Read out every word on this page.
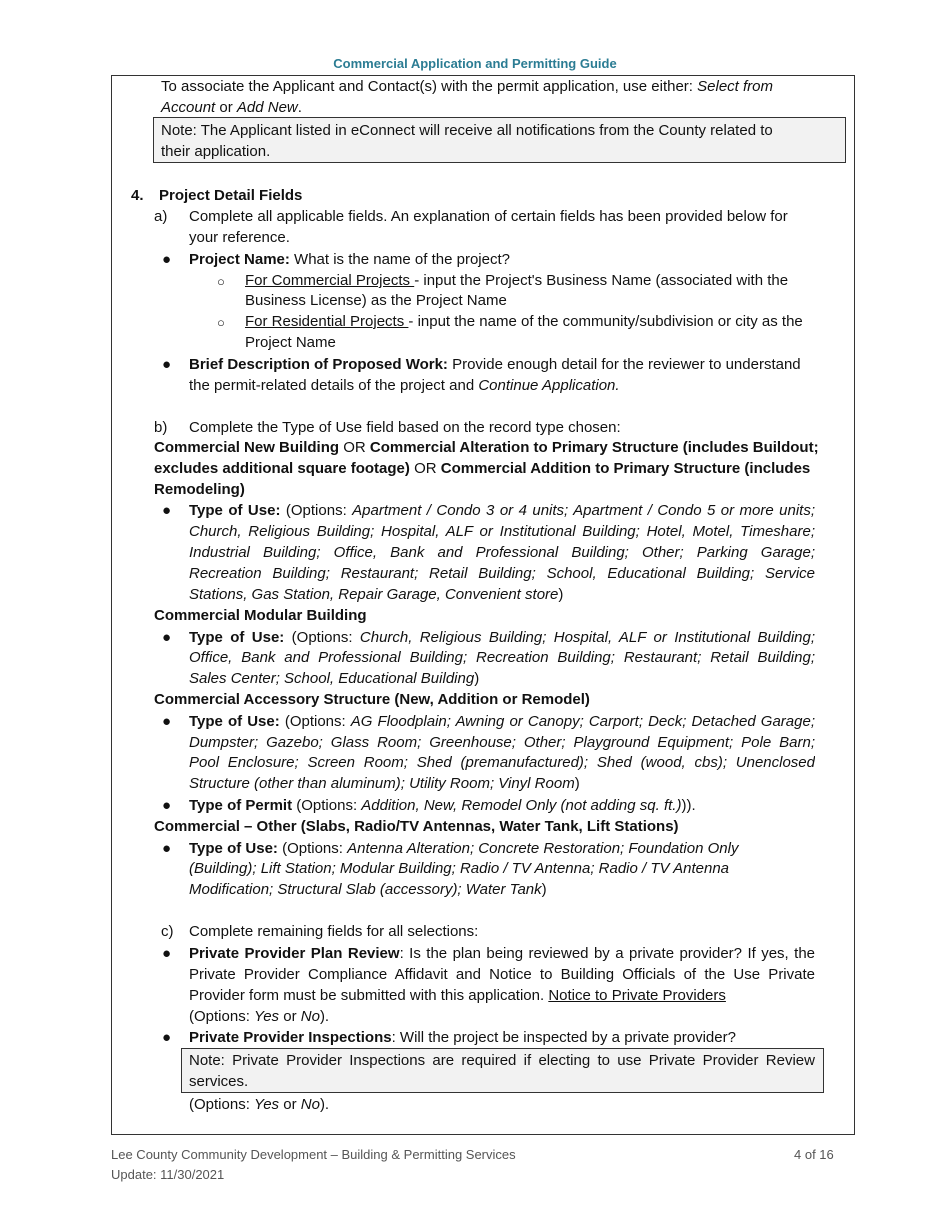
Commercial Application and Permitting Guide
To associate the Applicant and Contact(s) with the permit application, use either: Select from
Account or Add New.
Note: The Applicant listed in eConnect will receive all notifications from the County related to
their application.
4. Project Detail Fields
a) Complete all applicable fields. An explanation of certain fields has been provided below for
your reference.
● Project Name: What is the name of the project?
○ For Commercial Projects - input the Project's Business Name (associated with the
Business License) as the Project Name
○ For Residential Projects - input the name of the community/subdivision or city as the
Project Name
● Brief Description of Proposed Work: Provide enough detail for the reviewer to understand
the permit-related details of the project and Continue Application.
b) Complete the Type of Use field based on the record type chosen:
Commercial New Building OR Commercial Alteration to Primary Structure (includes Buildout;
excludes additional square footage) OR Commercial Addition to Primary Structure (includes
Remodeling)
● Type of Use: (Options: Apartment / Condo 3 or 4 units; Apartment / Condo 5 or more units;
Church, Religious Building; Hospital, ALF or Institutional Building; Hotel, Motel, Timeshare;
Industrial Building; Office, Bank and Professional Building; Other; Parking Garage;
Recreation Building; Restaurant; Retail Building; School, Educational Building; Service
Stations, Gas Station, Repair Garage, Convenient store)
Commercial Modular Building
● Type of Use: (Options: Church, Religious Building; Hospital, ALF or Institutional Building;
Office, Bank and Professional Building; Recreation Building; Restaurant; Retail Building;
Sales Center; School, Educational Building)
Commercial Accessory Structure (New, Addition or Remodel)
● Type of Use: (Options: AG Floodplain; Awning or Canopy; Carport; Deck; Detached Garage;
Dumpster; Gazebo; Glass Room; Greenhouse; Other; Playground Equipment; Pole Barn;
Pool Enclosure; Screen Room; Shed (premanufactured); Shed (wood, cbs); Unenclosed
Structure (other than aluminum); Utility Room; Vinyl Room)
● Type of Permit (Options: Addition, New, Remodel Only (not adding sq. ft.))).
Commercial – Other (Slabs, Radio/TV Antennas, Water Tank, Lift Stations)
● Type of Use: (Options: Antenna Alteration; Concrete Restoration; Foundation Only
(Building); Lift Station; Modular Building; Radio / TV Antenna; Radio / TV Antenna
Modification; Structural Slab (accessory); Water Tank)
c) Complete remaining fields for all selections:
● Private Provider Plan Review: Is the plan being reviewed by a private provider? If yes, the
Private Provider Compliance Affidavit and Notice to Building Officials of the Use Private
Provider form must be submitted with this application. Notice to Private Providers
(Options: Yes or No).
● Private Provider Inspections: Will the project be inspected by a private provider?
Note: Private Provider Inspections are required if electing to use Private Provider Review
services.
(Options: Yes or No).
Lee County Community Development – Building & Permitting Services
Update: 11/30/2021
4 of 16
